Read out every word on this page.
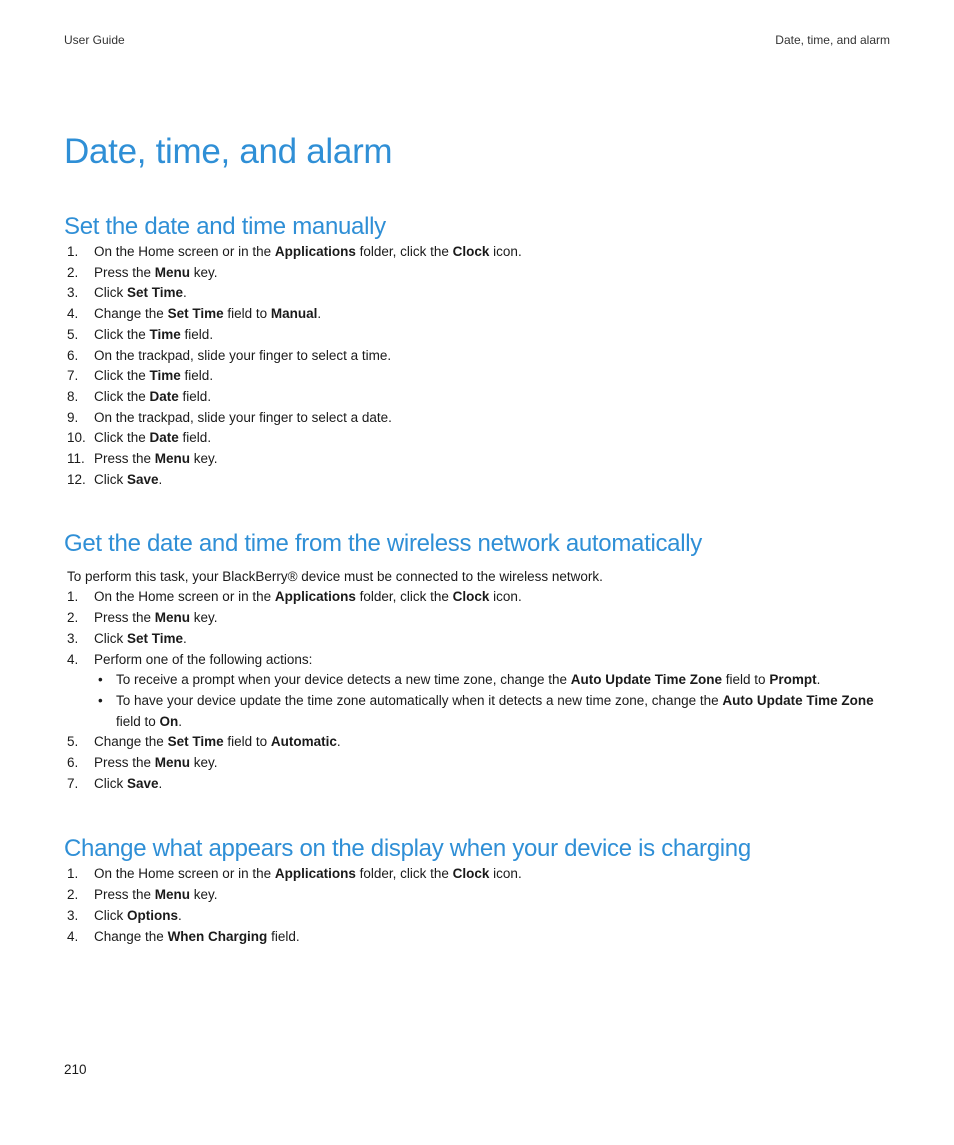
User Guide	Date, time, and alarm
Date, time, and alarm
Set the date and time manually
1. On the Home screen or in the Applications folder, click the Clock icon.
2. Press the Menu key.
3. Click Set Time.
4. Change the Set Time field to Manual.
5. Click the Time field.
6. On the trackpad, slide your finger to select a time.
7. Click the Time field.
8. Click the Date field.
9. On the trackpad, slide your finger to select a date.
10. Click the Date field.
11. Press the Menu key.
12. Click Save.
Get the date and time from the wireless network automatically

To perform this task, your BlackBerry® device must be connected to the wireless network.

1. On the Home screen or in the Applications folder, click the Clock icon.
2. Press the Menu key.
3. Click Set Time.
4. Perform one of the following actions:
• To receive a prompt when your device detects a new time zone, change the Auto Update Time Zone field to Prompt.
• To have your device update the time zone automatically when it detects a new time zone, change the Auto Update Time Zone field to On.
5. Change the Set Time field to Automatic.
6. Press the Menu key.
7. Click Save.
Change what appears on the display when your device is charging
1. On the Home screen or in the Applications folder, click the Clock icon.
2. Press the Menu key.
3. Click Options.
4. Change the When Charging field.
210
